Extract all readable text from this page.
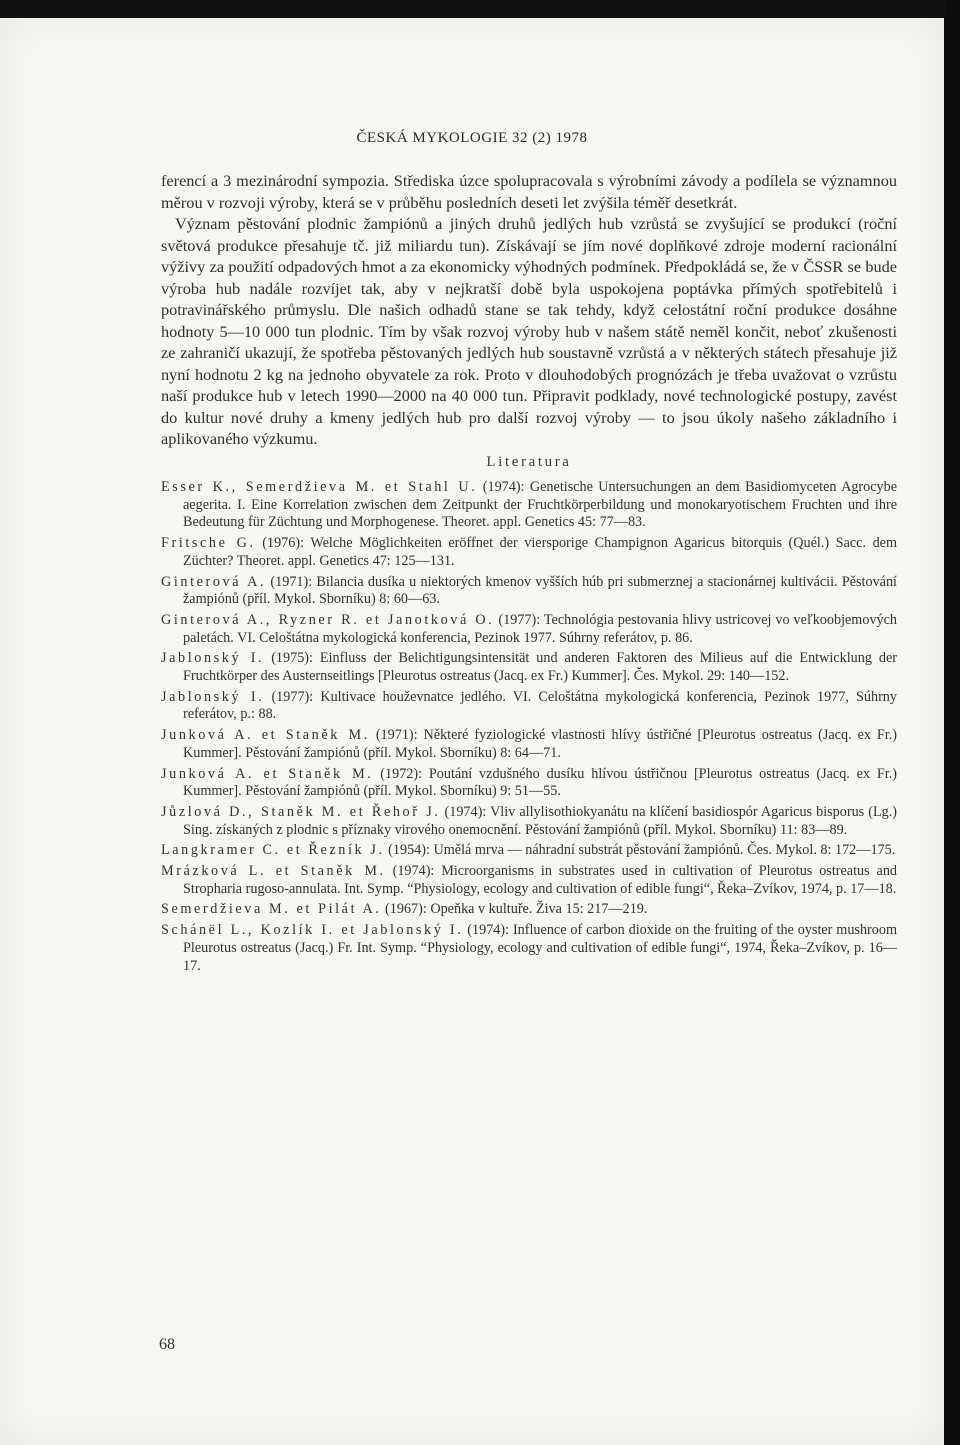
ČESKÁ MYKOLOGIE 32 (2) 1978

ferencí a 3 mezinárodní sympozia. Střediska úzce spolupracovala s výrobními závody a podílela se významnou měrou v rozvoji výroby, která se v průběhu posledních deseti let zvýšila téměř desetkrát.

Význam pěstování plodnic žampiónů a jiných druhů jedlých hub vzrůstá se zvyšující se produkcí (roční světová produkce přesahuje tč. již miliardu tun). Získávají se jím nové doplňkové zdroje moderní racionální výživy za použití odpadových hmot a za ekonomicky výhodných podmínek. Předpokládá se, že v ČSSR se bude výroba hub nadále rozvíjet tak, aby v nejkratší době byla uspokojena poptávka přímých spotřebitelů i potravinářského průmyslu. Dle našich odhadů stane se tak tehdy, když celostátní roční produkce dosáhne hodnoty 5—10 000 tun plodnic. Tím by však rozvoj výroby hub v našem státě neměl končit, neboť zkušenosti ze zahraničí ukazují, že spotřeba pěstovaných jedlých hub soustavně vzrůstá a v některých státech přesahuje již nyní hodnotu 2 kg na jednoho obyvatele za rok. Proto v dlouhodobých prognózách je třeba uvažovat o vzrůstu naší produkce hub v letech 1990—2000 na 40 000 tun. Připravit podklady, nové technologické postupy, zavést do kultur nové druhy a kmeny jedlých hub pro další rozvoj výroby — to jsou úkoly našeho základního i aplikovaného výzkumu.

Literatura
Esser K., Semerdžieva M. et Stahl U. (1974): Genetische Untersuchungen an dem Basidiomyceten Agrocybe aegerita. I. Eine Korrelation zwischen dem Zeitpunkt der Fruchtkörperbildung und monokaryotischem Fruchten und ihre Bedeutung für Züchtung und Morphogenese. Theoret. appl. Genetics 45: 77—83.
Fritsche G. (1976): Welche Möglichkeiten eröffnet der viersporige Champignon Agaricus bitorquis (Quél.) Sacc. dem Züchter? Theoret. appl. Genetics 47: 125—131.
Ginterová A. (1971): Bilancia dusíka u niektorých kmenov vyšších húb pri submerznej a stacionárnej kultivácii. Pěstování žampiónů (příl. Mykol. Sborníku) 8: 60—63.
Ginterová A., Ryzner R. et Janotková O. (1977): Technológia pestovania hlivy ustricovej vo veľkoobjemových paletách. VI. Celoštátna mykologická konferencia, Pezinok 1977. Súhrny referátov, p. 86.
Jablonský I. (1975): Einfluss der Belichtigungsintensität und anderen Faktoren des Milieus auf die Entwicklung der Fruchtkörper des Austernseitlings [Pleurotus ostreatus (Jacq. ex Fr.) Kummer]. Čes. Mykol. 29: 140—152.
Jablonský I. (1977): Kultivace houževnatce jedlého. VI. Celoštátna mykologická konferencia, Pezinok 1977, Súhrny referátov, p.: 88.
Junková A. et Staněk M. (1971): Některé fyziologické vlastnosti hlívy ústřičné [Pleurotus ostreatus (Jacq. ex Fr.) Kummer]. Pěstování žampiónů (příl. Mykol. Sborníku) 8: 64—71.
Junková A. et Staněk M. (1972): Poutání vzdušného dusíku hlívou ústřičnou [Pleurotus ostreatus (Jacq. ex Fr.) Kummer]. Pěstování žampiónů (příl. Mykol. Sborníku) 9: 51—55.
Jůzlová D., Staněk M. et Řehoř J. (1974): Vliv allylisothiokyanátu na klíčení basidiospór Agaricus bisporus (Lg.) Sing. získaných z plodnic s příznaky virového onemocnění. Pěstování žampiónů (příl. Mykol. Sborníku) 11: 83—89.
Langkramer C. et Řezník J. (1954): Umělá mrva — náhradní substrát pěstování žampiónů. Čes. Mykol. 8: 172—175.
Mrázková L. et Staněk M. (1974): Microorganisms in substrates used in cultivation of Pleurotus ostreatus and Stropharia rugoso-annulata. Int. Symp. “Physiology, ecology and cultivation of edible fungi“, Řeka–Zvíkov, 1974, p. 17—18.
Semerdžieva M. et Pilát A. (1967): Opeňka v kultuře. Živa 15: 217—219.
Schánël L., Kozlík I. et Jablonský I. (1974): Influence of carbon dioxide on the fruiting of the oyster mushroom Pleurotus ostreatus (Jacq.) Fr. Int. Symp. “Physiology, ecology and cultivation of edible fungi“, 1974, Řeka–Zvíkov, p. 16—17.
68
